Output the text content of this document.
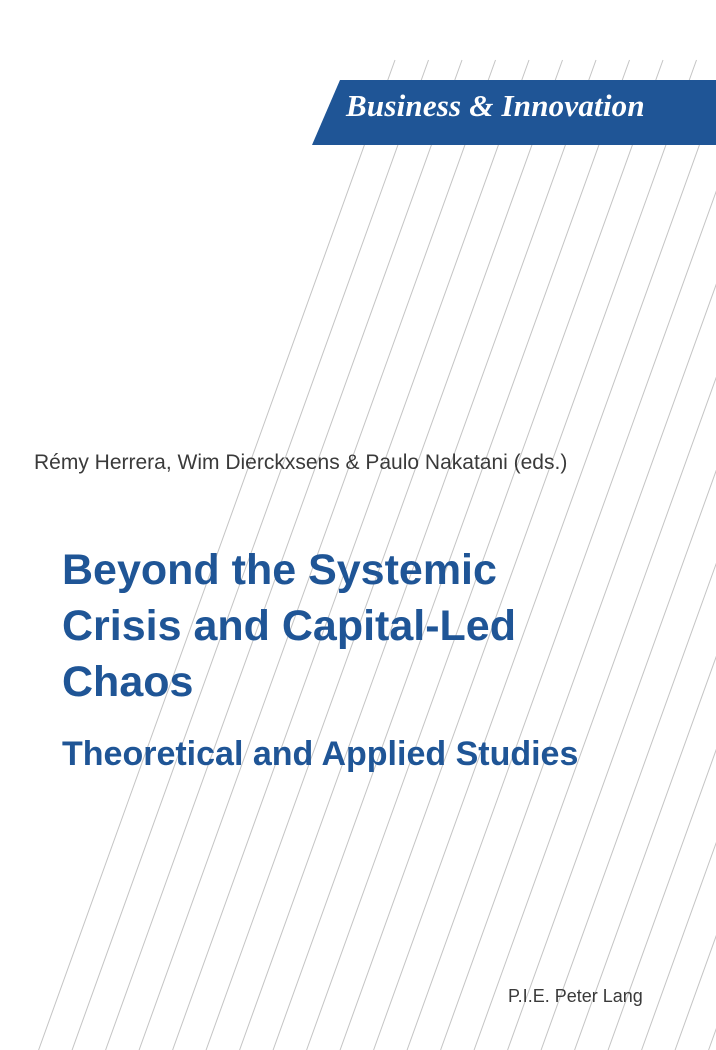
Business & Innovation
Rémy Herrera, Wim Dierckxsens & Paulo Nakatani (eds.)
Beyond the Systemic
Crisis and Capital-Led
Chaos
Theoretical and Applied Studies
P.I.E. Peter Lang
